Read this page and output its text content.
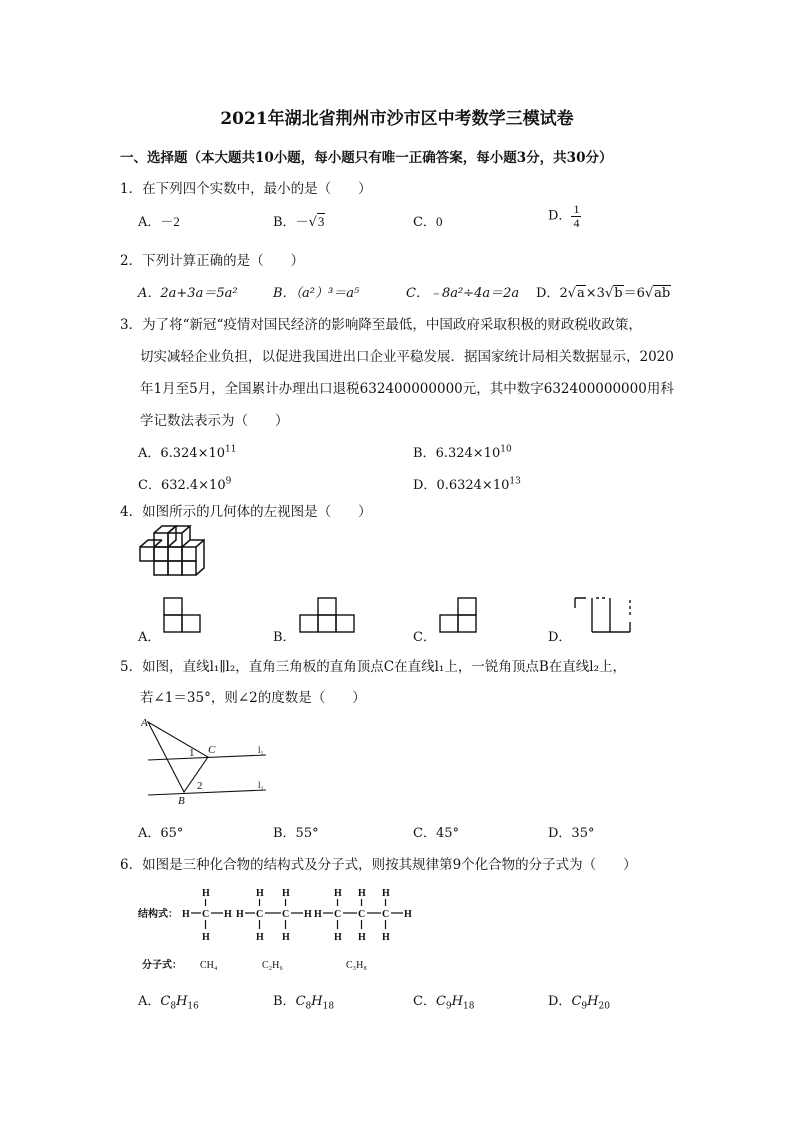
2021年湖北省荆州市沙市区中考数学三模试卷
一、选择题（本大题共10小题，每小题只有唯一正确答案，每小题3分，共30分）
1．在下列四个实数中，最小的是（　　）
A．－2	B．－√3	C．0	D． $\frac{1}{4}$
2．下列计算正确的是（　　）
A．2a+3a＝5a²	B．（a²）³＝a⁵	C．﹣8a²÷4a＝2a D．2√a×3√b＝6√ab
3．为了将“新冠“疫情对国民经济的影响降至最低，中国政府采取积极的财政税收政策，
切实减轻企业负担，以促进我国进出口企业平稳发展．据国家统计局相关数据显示，2020
年1月至5月，全国累计办理出口退税632400000000元，其中数字632400000000用科
学记数法表示为（　　）
A．$6.324\times 10^{11}$	B．$6.324\times 10^{10}$
C．$632.4\times 10^9$	D．$0.6324\times 10^{13}$
4．如图所示的几何体的左视图是（　　）
A．	B．	C．	D．
5．如图，直线l₁∥l₂，直角三角板的直角顶点C在直线l₁上，一锐角顶点B在直线l₂上，
若∠1＝35°，则∠2的度数是（　　）
A
C
B
1
2
l₁
l₂
A．65°	B．55°	C．45°	D．35°
6．如图是三种化合物的结构式及分子式，则按其规律第9个化合物的分子式为（　　）
结构式：
分子式： CH₄	C₂H₆	C₃H₈
H C H
H
H
H C C H
H
H
H
H
H C C C H
H
H
H
H
H
H
A．$C_8H_{16}$	B．$C_8H_{18}$	C．$C_9H_{18}$	D．$C_9H_{20}$
